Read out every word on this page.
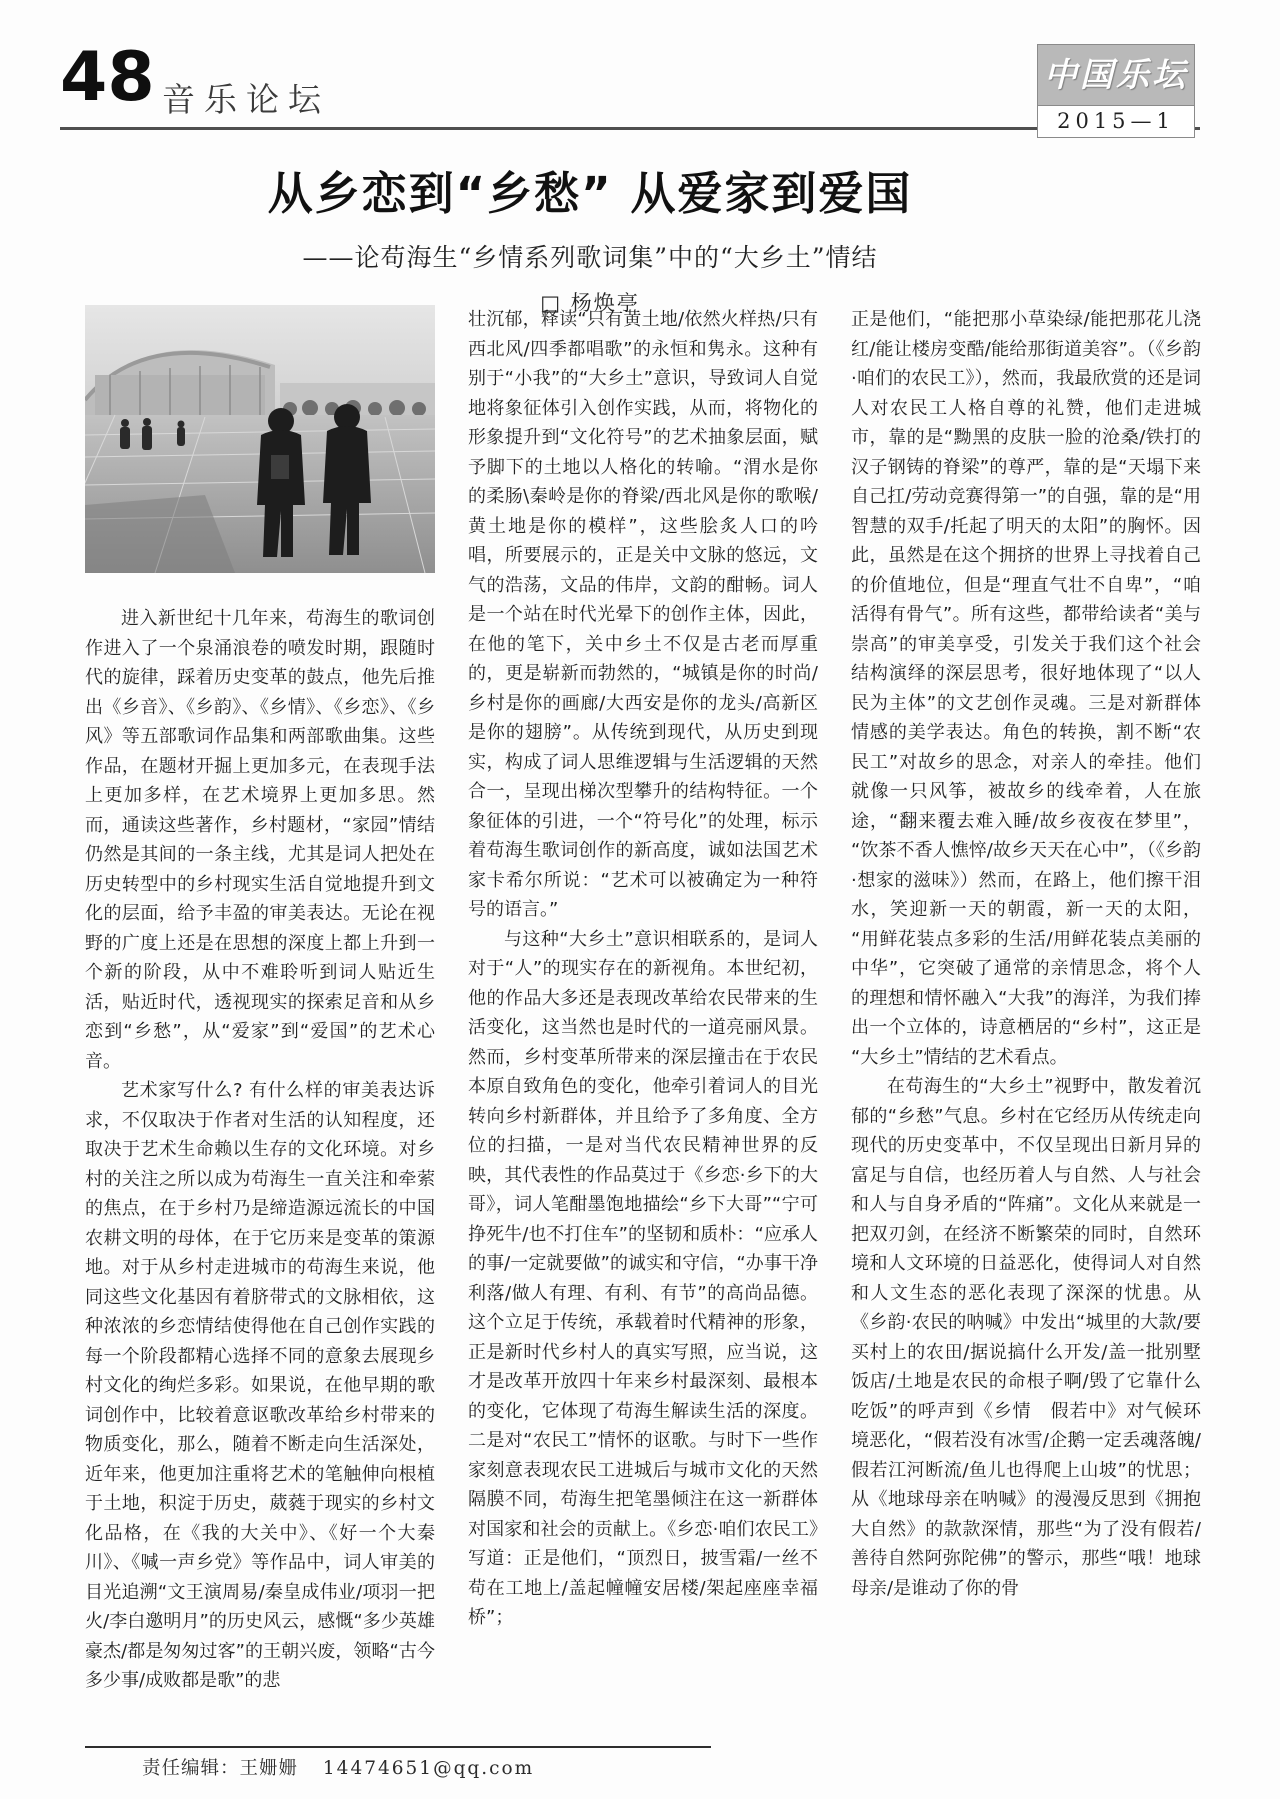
48 音乐论坛
中国乐坛
2015—1
从乡恋到“乡愁” 从爱家到爱国

——论苟海生“乡情系列歌词集”中的“大乡土”情结

□ 杨焕亭

进入新世纪十几年来，苟海生的歌词创作进入了一个泉涌浪卷的喷发时期，跟随时代的旋律，踩着历史变革的鼓点，他先后推出《乡音》、《乡韵》、《乡情》、《乡恋》、《乡风》等五部歌词作品集和两部歌曲集。这些作品，在题材开掘上更加多元，在表现手法上更加多样，在艺术境界上更加多思。然而，通读这些著作，乡村题材，“家园”情结仍然是其间的一条主线，尤其是词人把处在历史转型中的乡村现实生活自觉地提升到文化的层面，给予丰盈的审美表达。无论在视野的广度上还是在思想的深度上都上升到一个新的阶段，从中不难聆听到词人贴近生活，贴近时代，透视现实的探索足音和从乡恋到“乡愁”，从“爱家”到“爱国”的艺术心音。

艺术家写什么? 有什么样的审美表达诉求，不仅取决于作者对生活的认知程度，还取决于艺术生命赖以生存的文化环境。对乡村的关注之所以成为苟海生一直关注和牵萦的焦点，在于乡村乃是缔造源远流长的中国农耕文明的母体，在于它历来是变革的策源地。对于从乡村走进城市的苟海生来说，他同这些文化基因有着脐带式的文脉相依，这种浓浓的乡恋情结使得他在自己创作实践的每一个阶段都精心选择不同的意象去展现乡村文化的绚烂多彩。如果说，在他早期的歌词创作中，比较着意讴歌改革给乡村带来的物质变化，那么，随着不断走向生活深处，近年来，他更加注重将艺术的笔触伸向根植于土地，积淀于历史，葳蕤于现实的乡村文化品格，在《我的大关中》、《好一个大秦川》、《喊一声乡党》等作品中，词人审美的目光追溯“文王演周易/秦皇成伟业/项羽一把火/李白邀明月”的历史风云，感慨“多少英雄豪杰/都是匆匆过客”的王朝兴废，领略“古今多少事/成败都是歌”的悲

壮沉郁，释读“只有黄土地/依然火样热/只有西北风/四季都唱歌”的永恒和隽永。这种有别于“小我”的“大乡土”意识，导致词人自觉地将象征体引入创作实践，从而，将物化的形象提升到“文化符号”的艺术抽象层面，赋予脚下的土地以人格化的转喻。“渭水是你的柔肠\秦岭是你的脊梁/西北风是你的歌喉/黄土地是你的模样”，这些脍炙人口的吟唱，所要展示的，正是关中文脉的悠远，文气的浩荡，文品的伟岸，文韵的酣畅。词人是一个站在时代光晕下的创作主体，因此，在他的笔下，关中乡土不仅是古老而厚重的，更是崭新而勃然的，“城镇是你的时尚/乡村是你的画廊/大西安是你的龙头/高新区是你的翅膀”。从传统到现代，从历史到现实，构成了词人思维逻辑与生活逻辑的天然合一，呈现出梯次型攀升的结构特征。一个象征体的引进，一个“符号化”的处理，标示着苟海生歌词创作的新高度，诚如法国艺术家卡希尔所说：“艺术可以被确定为一种符号的语言。”

与这种“大乡土”意识相联系的，是词人对于“人”的现实存在的新视角。本世纪初，他的作品大多还是表现改革给农民带来的生活变化，这当然也是时代的一道亮丽风景。然而，乡村变革所带来的深层撞击在于农民本原自致角色的变化，他牵引着词人的目光转向乡村新群体，并且给予了多角度、全方位的扫描，一是对当代农民精神世界的反映，其代表性的作品莫过于《乡恋·乡下的大哥》，词人笔酣墨饱地描绘“乡下大哥”“宁可挣死牛/也不打住车”的坚韧和质朴：“应承人的事/一定就要做”的诚实和守信，“办事干净利落/做人有理、有利、有节”的高尚品德。这个立足于传统，承载着时代精神的形象，正是新时代乡村人的真实写照，应当说，这才是改革开放四十年来乡村最深刻、最根本的变化，它体现了苟海生解读生活的深度。二是对“农民工”情怀的讴歌。与时下一些作家刻意表现农民工进城后与城市文化的天然隔膜不同，苟海生把笔墨倾注在这一新群体对国家和社会的贡献上。《乡恋·咱们农民工》写道：正是他们，“顶烈日，披雪霜/一丝不苟在工地上/盖起幢幢安居楼/架起座座幸福桥”；

正是他们，“能把那小草染绿/能把那花儿浇红/能让楼房变酷/能给那街道美容”。（《乡韵·咱们的农民工》），然而，我最欣赏的还是词人对农民工人格自尊的礼赞，他们走进城市，靠的是“黝黑的皮肤一脸的沧桑/铁打的汉子钢铸的脊梁”的尊严，靠的是“天塌下来自己扛/劳动竞赛得第一”的自强，靠的是“用智慧的双手/托起了明天的太阳”的胸怀。因此，虽然是在这个拥挤的世界上寻找着自己的价值地位，但是“理直气壮不自卑”，“咱活得有骨气”。所有这些，都带给读者“美与崇高”的审美享受，引发关于我们这个社会结构演绎的深层思考，很好地体现了“以人民为主体”的文艺创作灵魂。三是对新群体情感的美学表达。角色的转换，割不断“农民工”对故乡的思念，对亲人的牵挂。他们就像一只风筝，被故乡的线牵着，人在旅途，“翻来覆去难入睡/故乡夜夜在梦里”，“饮茶不香人憔悴/故乡天天在心中”，（《乡韵·想家的滋味》）然而，在路上，他们擦干泪水，笑迎新一天的朝霞，新一天的太阳，“用鲜花装点多彩的生活/用鲜花装点美丽的中华”，它突破了通常的亲情思念，将个人的理想和情怀融入“大我”的海洋，为我们捧出一个立体的，诗意栖居的“乡村”，这正是“大乡土”情结的艺术看点。

在苟海生的“大乡土”视野中，散发着沉郁的“乡愁”气息。乡村在它经历从传统走向现代的历史变革中，不仅呈现出日新月异的富足与自信，也经历着人与自然、人与社会和人与自身矛盾的“阵痛”。文化从来就是一把双刃剑，在经济不断繁荣的同时，自然环境和人文环境的日益恶化，使得词人对自然和人文生态的恶化表现了深深的忧患。从《乡韵·农民的呐喊》中发出“城里的大款/要买村上的农田/据说搞什么开发/盖一批别墅饭店/土地是农民的命根子啊/毁了它靠什么吃饭”的呼声到《乡情　假若中》对气候环境恶化，“假若没有冰雪/企鹅一定丢魂落魄/假若江河断流/鱼儿也得爬上山坡”的忧思；从《地球母亲在呐喊》的漫漫反思到《拥抱大自然》的款款深情，那些“为了没有假若/善待自然阿弥陀佛”的警示，那些“哦！地球母亲/是谁动了你的骨

责任编辑：王姗姗 14474651@qq.com
